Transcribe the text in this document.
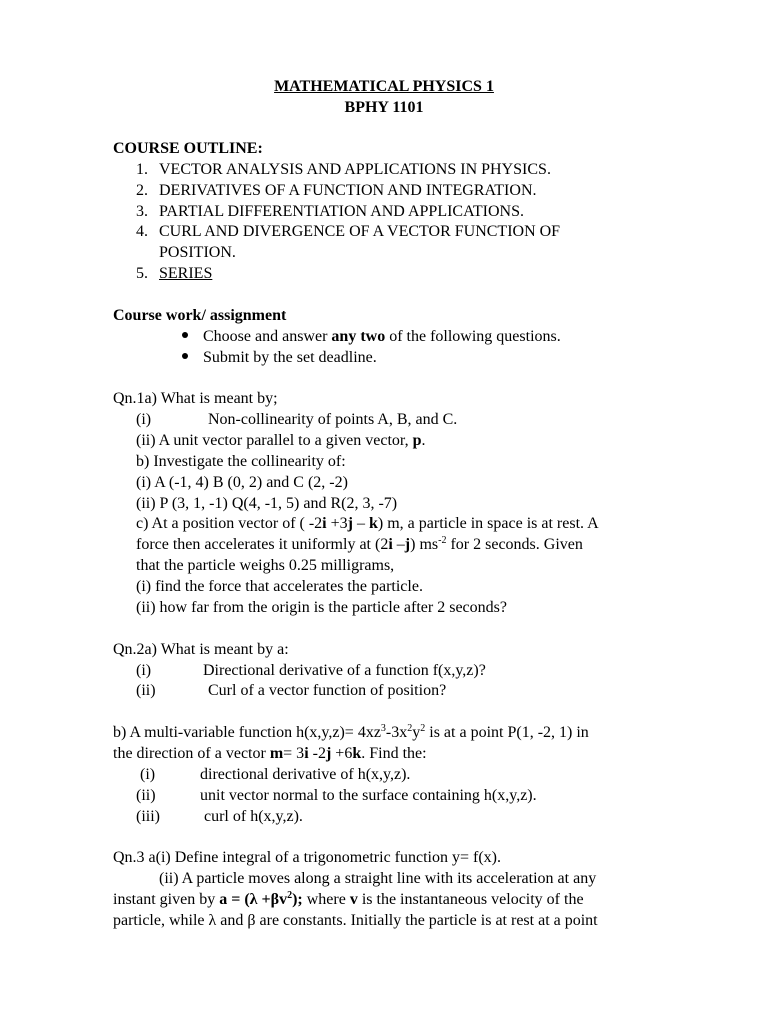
MATHEMATICAL PHYSICS 1
BPHY 1101
COURSE OUTLINE:
1. VECTOR ANALYSIS AND APPLICATIONS IN PHYSICS.
2. DERIVATIVES OF A FUNCTION AND INTEGRATION.
3. PARTIAL DIFFERENTIATION AND APPLICATIONS.
4. CURL AND DIVERGENCE OF A VECTOR FUNCTION OF
POSITION.
5. SERIES
Course work/ assignment
Choose and answer any two of the following questions.
Submit by the set deadline.
Qn.1a) What is meant by;
(i)	Non-collinearity of points A, B, and C.
(ii) A unit vector parallel to a given vector, p.
b) Investigate the collinearity of:
(i) A (-1, 4) B (0, 2) and C (2, -2)
(ii) P (3, 1, -1) Q(4, -1, 5) and R(2, 3, -7)
c) At a position vector of ( -2i +3j – k) m, a particle in space is at rest. A
force then accelerates it uniformly at (2i –j) $ms^{-2}$ for 2 seconds. Given
that the particle weighs 0.25 milligrams,
(i) find the force that accelerates the particle.
(ii) how far from the origin is the particle after 2 seconds?
Qn.2a) What is meant by a:
(i)	Directional derivative of a function f(x,y,z)?
(ii)	Curl of a vector function of position?
b) A multi-variable function $h(x,y,z)= 4xz^3-3x^2y^2$ is at a point P(1, -2, 1) in
the direction of a vector m= 3i -2j +6k. Find the:
(i)	directional derivative of h(x,y,z).
(ii)	unit vector normal to the surface containing h(x,y,z).
(iii)	curl of h(x,y,z).
Qn.3 a(i) Define integral of a trigonometric function y= f(x).
(ii) A particle moves along a straight line with its acceleration at any
instant given by $a = (\lambda +\beta v^2)$; where v is the instantaneous velocity of the
particle, while λ and β are constants. Initially the particle is at rest at a point
